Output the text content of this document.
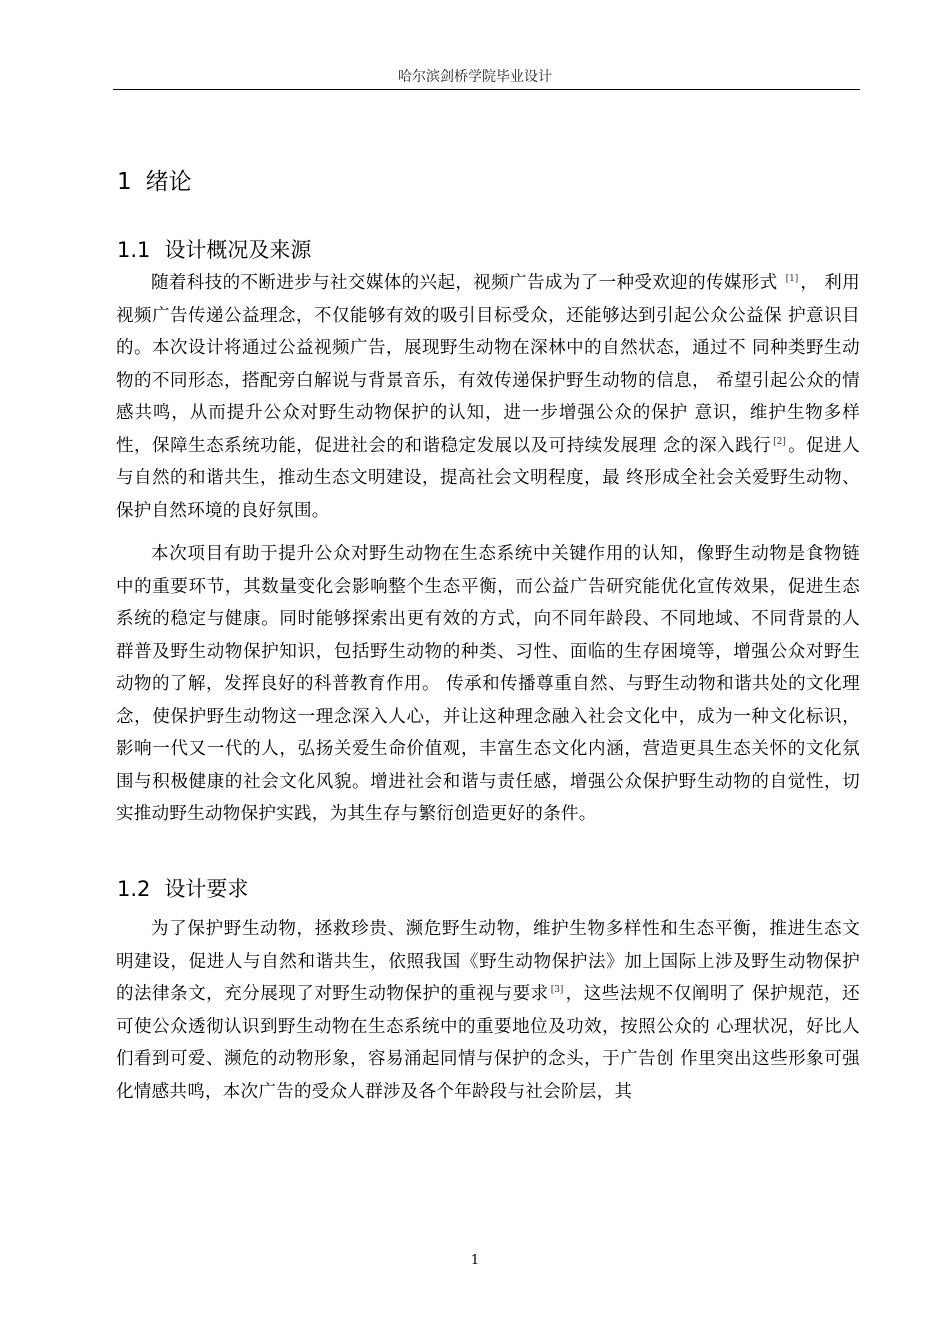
哈尔滨剑桥学院毕业设计
1 绪论
1.1 设计概况及来源

随着科技的不断进步与社交媒体的兴起，视频广告成为了一种受欢迎的传媒形式 [1] ， 利用视频广告传递公益理念，不仅能够有效的吸引目标受众，还能够达到引起公众公益保 护意识目的。本次设计将通过公益视频广告，展现野生动物在深林中的自然状态，通过不 同种类野生动物的不同形态，搭配旁白解说与背景音乐，有效传递保护野生动物的信息， 希望引起公众的情感共鸣，从而提升公众对野生动物保护的认知，进一步增强公众的保护 意识，维护生物多样性，保障生态系统功能，促进社会的和谐稳定发展以及可持续发展理 念的深入践行 [2] 。促进人与自然的和谐共生，推动生态文明建设，提高社会文明程度，最 终形成全社会关爱野生动物、保护自然环境的良好氛围。

本次项目有助于提升公众对野生动物在生态系统中关键作用的认知，像野生动物是食物链中的重要环节，其数量变化会影响整个生态平衡，而公益广告研究能优化宣传效果，促进生态系统的稳定与健康。同时能够探索出更有效的方式，向不同年龄段、不同地域、不同背景的人群普及野生动物保护知识，包括野生动物的种类、习性、面临的生存困境等，增强公众对野生动物的了解，发挥良好的科普教育作用。 传承和传播尊重自然、与野生动物和谐共处的文化理念，使保护野生动物这一理念深入人心，并让这种理念融入社会文化中，成为一种文化标识，影响一代又一代的人，弘扬关爱生命价值观，丰富生态文化内涵，营造更具生态关怀的文化氛围与积极健康的社会文化风貌。增进社会和谐与责任感，增强公众保护野生动物的自觉性，切实推动野生动物保护实践，为其生存与繁衍创造更好的条件。

1.2 设计要求

为了保护野生动物，拯救珍贵、濒危野生动物，维护生物多样性和生态平衡，推进生态文明建设，促进人与自然和谐共生，依照我国《野生动物保护法》加上国际上涉及野生动物保护的法律条文，充分展现了对野生动物保护的重视与要求 [3] ，这些法规不仅阐明了 保护规范，还可使公众透彻认识到野生动物在生态系统中的重要地位及功效，按照公众的 心理状况，好比人们看到可爱、濒危的动物形象，容易涌起同情与保护的念头，于广告创 作里突出这些形象可强化情感共鸣，本次广告的受众人群涉及各个年龄段与社会阶层，其

1
